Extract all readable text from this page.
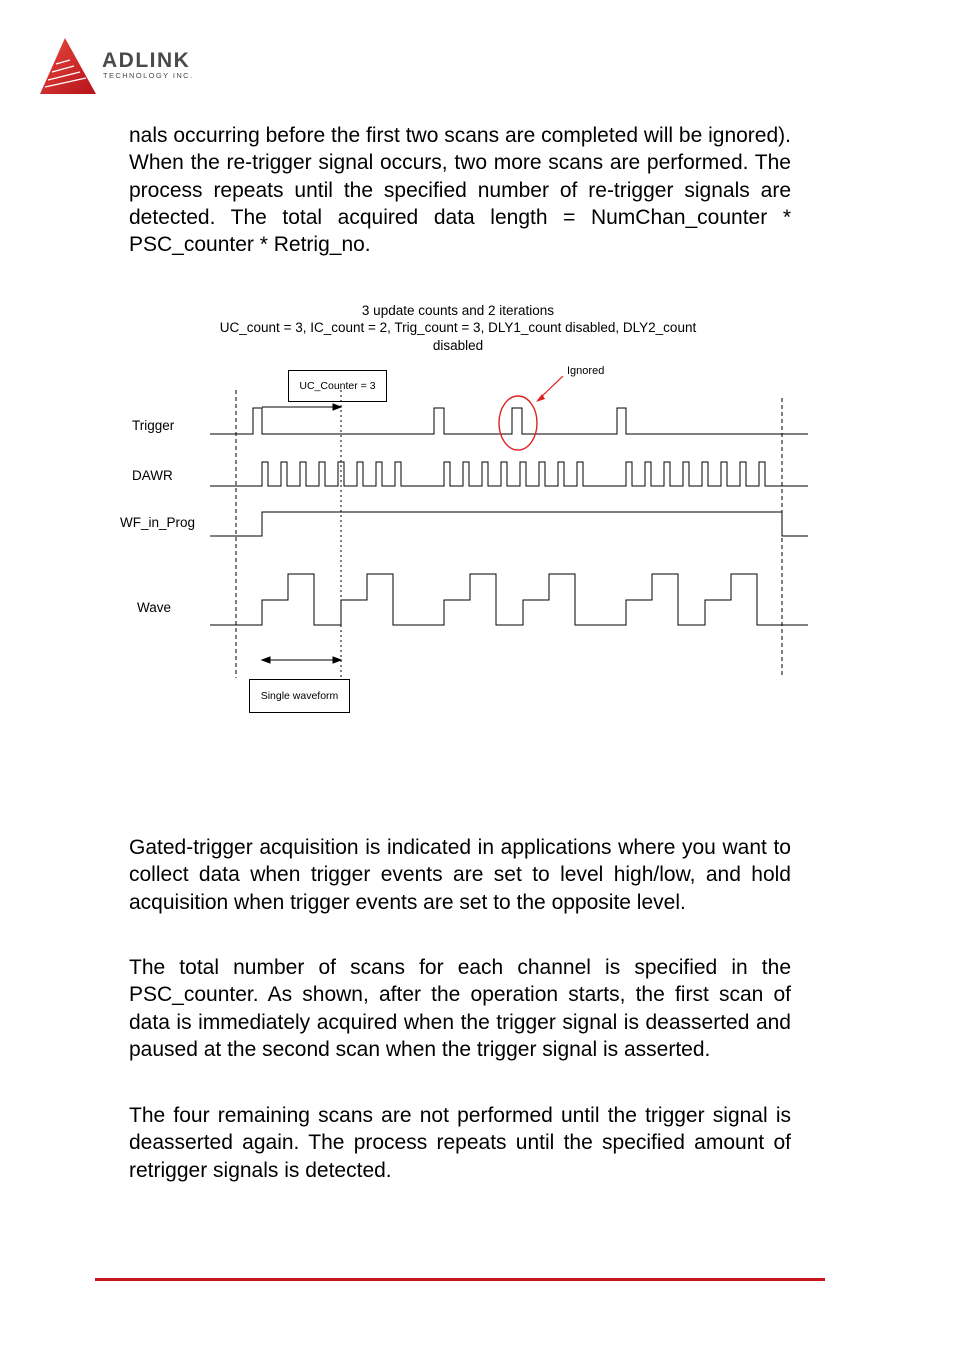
ADLINK
TECHNOLOGY INC.

nals occurring before the first two scans are completed will be ignored). When the re-trigger signal occurs, two more scans are performed. The process repeats until the specified number of re-trigger signals are detected. The total acquired data length = NumChan_counter * PSC_counter * Retrig_no.

3 update counts and 2 iterations
UC_count = 3, IC_count = 2, Trig_count = 3, DLY1_count disabled, DLY2_count
disabled
UC_Counter = 3
Ignored
Trigger
DAWR
WF_in_Prog
Wave
Single waveform

Gated-trigger acquisition is indicated in applications where you want to collect data when trigger events are set to level high/low, and hold acquisition when trigger events are set to the opposite level.

The total number of scans for each channel is specified in the PSC_counter. As shown, after the operation starts, the first scan of data is immediately acquired when the trigger signal is deasserted and paused at the second scan when the trigger signal is asserted.

The four remaining scans are not performed until the trigger signal is deasserted again. The process repeats until the specified amount of retrigger signals is detected.
